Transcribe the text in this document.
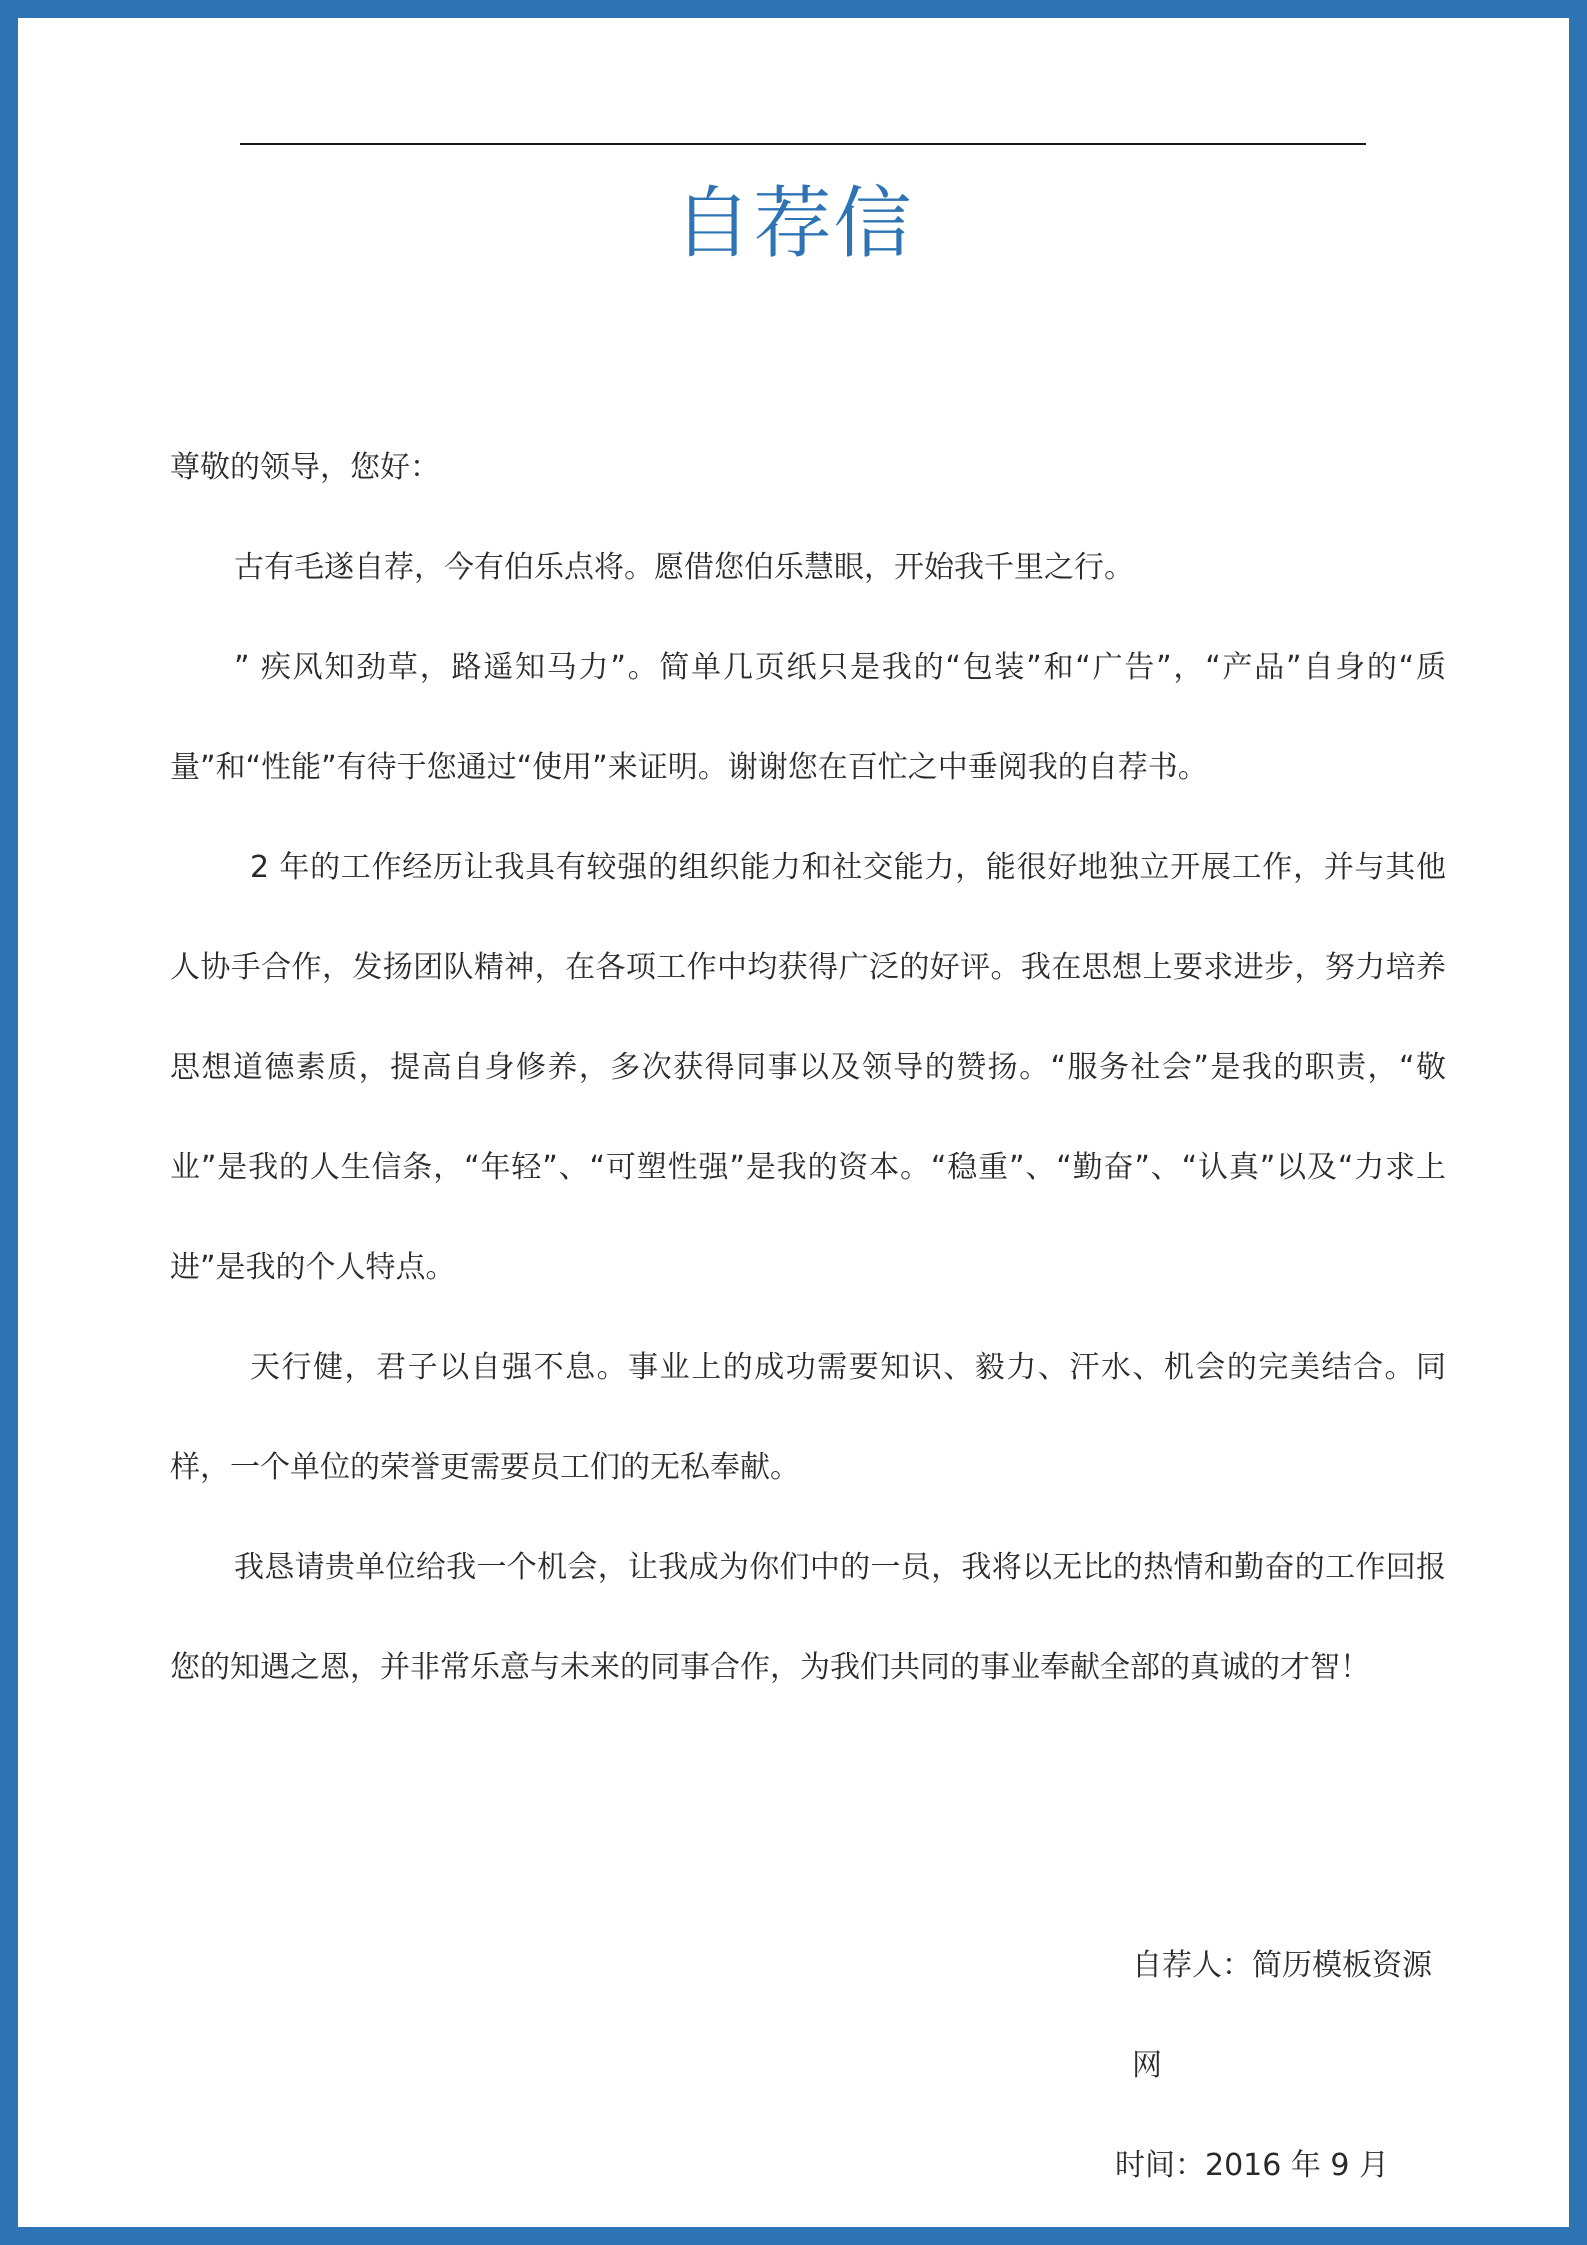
自荐信

尊敬的领导，您好：

古有毛遂自荐，今有伯乐点将。愿借您伯乐慧眼，开始我千里之行。

” 疾风知劲草，路遥知马力”。简单几页纸只是我的“包装”和“广告”，“产品”自身的“质量”和“性能”有待于您通过“使用”来证明。谢谢您在百忙之中垂阅我的自荐书。

2 年的工作经历让我具有较强的组织能力和社交能力，能很好地独立开展工作，并与其他人协手合作，发扬团队精神，在各项工作中均获得广泛的好评。我在思想上要求进步，努力培养思想道德素质，提高自身修养，多次获得同事以及领导的赞扬。“服务社会”是我的职责，“敬业”是我的人生信条，“年轻”、“可塑性强”是我的资本。“稳重”、“勤奋”、“认真”以及“力求上进”是我的个人特点。

天行健，君子以自强不息。事业上的成功需要知识、毅力、汗水、机会的完美结合。同样，一个单位的荣誉更需要员工们的无私奉献。

我恳请贵单位给我一个机会，让我成为你们中的一员，我将以无比的热情和勤奋的工作回报您的知遇之恩，并非常乐意与未来的同事合作，为我们共同的事业奉献全部的真诚的才智！

自荐人：简历模板资源网
时间：2016 年 9 月
